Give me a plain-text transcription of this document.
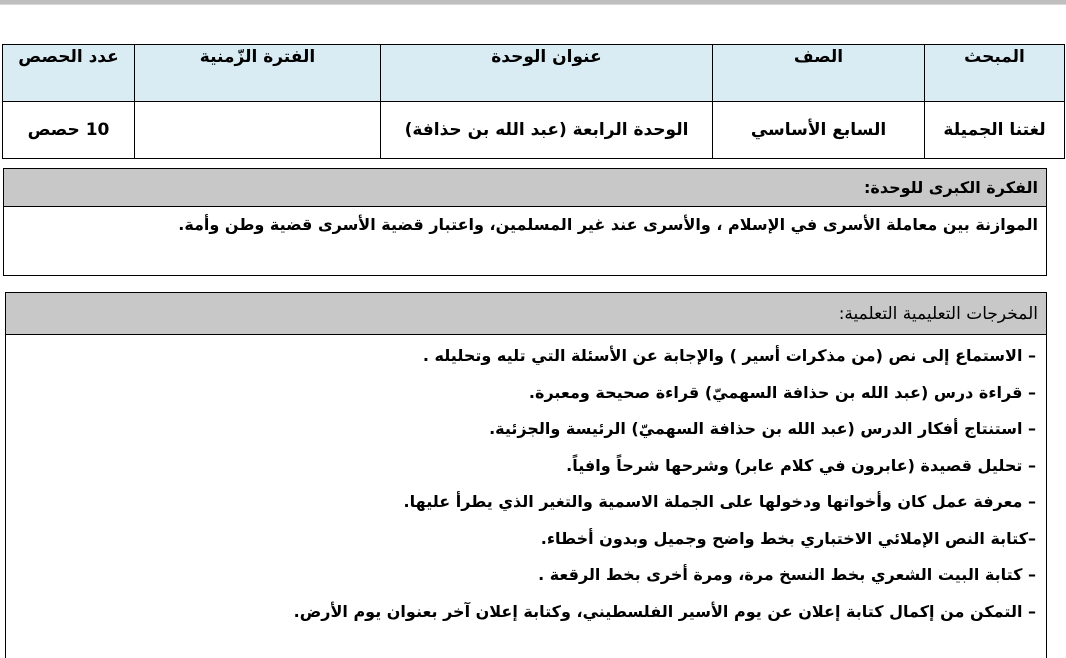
المبحث	الصف	عنوان الوحدة	الفترة الزّمنية	عدد الحصص
لغتنا الجميلة	السابع الأساسي	الوحدة الرابعة (عبد الله بن حذافة)		10 حصص
الفكرة الكبرى للوحدة:
الموازنة بين معاملة الأسرى في الإسلام ، والأسرى عند غير المسلمين، واعتبار قضية الأسرى قضية وطن وأمة.
المخرجات التعليمية التعلمية:
– الاستماع إلى نص (من مذكرات أسير ) والإجابة عن الأسئلة التي تليه وتحليله .
– قراءة درس (عبد الله بن حذافة السهميّ) قراءة صحيحة ومعبرة.
– استنتاج أفكار الدرس (عبد الله بن حذافة السهميّ) الرئيسة والجزئية.
– تحليل قصيدة (عابرون في كلام عابر) وشرحها شرحاً وافياً.
– معرفة عمل كان وأخواتها ودخولها على الجملة الاسمية والتغير الذي يطرأ عليها.
–كتابة النص الإملائي الاختباري بخط واضح وجميل وبدون أخطاء.
– كتابة البيت الشعري بخط النسخ مرة، ومرة أخرى بخط الرقعة .
– التمكن من إكمال كتابة إعلان عن يوم الأسير الفلسطيني، وكتابة إعلان آخر بعنوان يوم الأرض.
